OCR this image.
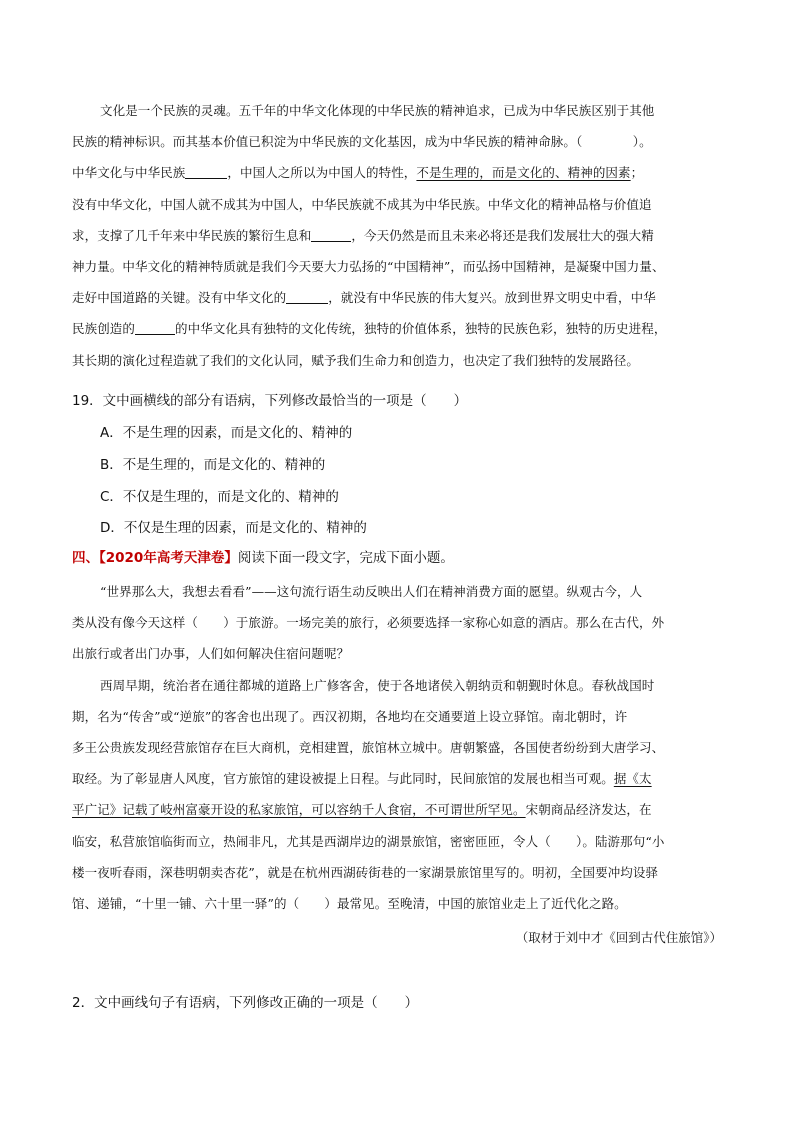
文化是一个民族的灵魂。五千年的中华文化体现的中华民族的精神追求，已成为中华民族区别于其他
民族的精神标识。而其基本价值已积淀为中华民族的文化基因，成为中华民族的精神命脉。（　　　　）。
中华文化与中华民族	，中国人之所以为中国人的特性，不是生理的，而是文化的、精神的因素；
没有中华文化，中国人就不成其为中国人，中华民族就不成其为中华民族。中华文化的精神品格与价值追
求，支撑了几千年来中华民族的繁衍生息和	，今天仍然是而且未来必将还是我们发展壮大的强大精
神力量。中华文化的精神特质就是我们今天要大力弘扬的“中国精神”，而弘扬中国精神，是凝聚中国力量、
走好中国道路的关键。没有中华文化的	，就没有中华民族的伟大复兴。放到世界文明史中看，中华
民族创造的	的中华文化具有独特的文化传统，独特的价值体系，独特的民族色彩，独特的历史进程，
其长期的演化过程造就了我们的文化认同，赋予我们生命力和创造力，也决定了我们独特的发展路径。
19．文中画横线的部分有语病，下列修改最恰当的一项是（　　）
A．不是生理的因素，而是文化的、精神的
B．不是生理的，而是文化的、精神的
C．不仅是生理的，而是文化的、精神的
D．不仅是生理的因素，而是文化的、精神的
四、【2020年高考天津卷】阅读下面一段文字，完成下面小题。
“世界那么大，我想去看看”——这句流行语生动反映出人们在精神消费方面的愿望。纵观古今，人
类从没有像今天这样（　　）于旅游。一场完美的旅行，必须要选择一家称心如意的酒店。那么在古代，外
出旅行或者出门办事，人们如何解决住宿问题呢？
西周早期，统治者在通往都城的道路上广修客舍，使于各地诸侯入朝纳贡和朝觐时休息。春秋战国时
期，名为“传舍”或“逆旅”的客舍也出现了。西汉初期，各地均在交通要道上设立驿馆。南北朝时，许
多王公贵族发现经营旅馆存在巨大商机，竞相建置，旅馆林立城中。唐朝繁盛，各国使者纷纷到大唐学习、
取经。为了彰显唐人风度，官方旅馆的建设被提上日程。与此同时，民间旅馆的发展也相当可观。据《太
平广记》记载了岐州富豪开设的私家旅馆，可以容纳千人食宿，不可谓世所罕见。宋朝商品经济发达，在
临安，私营旅馆临街而立，热闹非凡，尤其是西湖岸边的湖景旅馆，密密匝匝，令人（　　）。陆游那句“小
楼一夜听春雨，深巷明朝卖杏花”，就是在杭州西湖砖街巷的一家湖景旅馆里写的。明初，全国要冲均设驿
馆、递铺，“十里一铺、六十里一驿”的（　　）最常见。至晚清，中国的旅馆业走上了近代化之路。
（取材于刘中才《回到古代住旅馆》）
2．文中画线句子有语病，下列修改正确的一项是（　　）
